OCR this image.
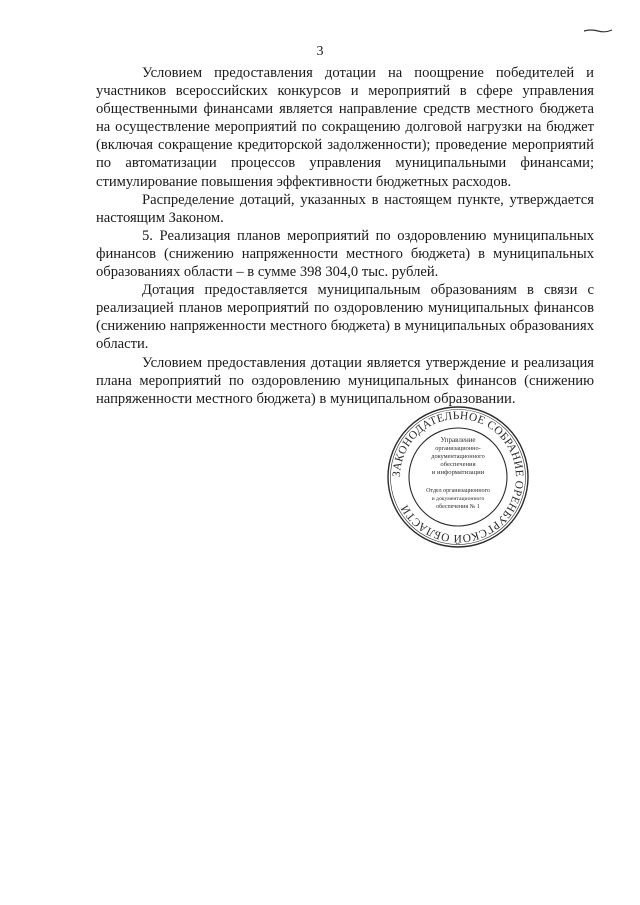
3

Условием предоставления дотации на поощрение победителей и участников всероссийских конкурсов и мероприятий в сфере управления общественными финансами является направление средств местного бюджета на осуществление мероприятий по сокращению долговой нагрузки на бюджет (включая сокращение кредиторской задолженности); проведение мероприятий по автоматизации процессов управления муниципальными финансами; стимулирование повышения эффективности бюджетных расходов.

Распределение дотаций, указанных в настоящем пункте, утверждается настоящим Законом.

5. Реализация планов мероприятий по оздоровлению муниципальных финансов (снижению напряженности местного бюджета) в муниципальных образованиях области – в сумме 398 304,0 тыс. рублей.

Дотация предоставляется муниципальным образованиям в связи с реализацией планов мероприятий по оздоровлению муниципальных финансов (снижению напряженности местного бюджета) в муниципальных образованиях области.

Условием предоставления дотации является утверждение и реализация плана мероприятий по оздоровлению муниципальных финансов (снижению напряженности местного бюджета) в муниципальном образовании.

ЗАКОНОДАТЕЛЬНОЕ СОБРАНИЕ ОРЕНБУРГСКОЙ ОБЛАСТИ
Управление
организационно-
документационного
обеспечения
и информатизации
Отдел организационного
и документационного
обеспечения № 1
